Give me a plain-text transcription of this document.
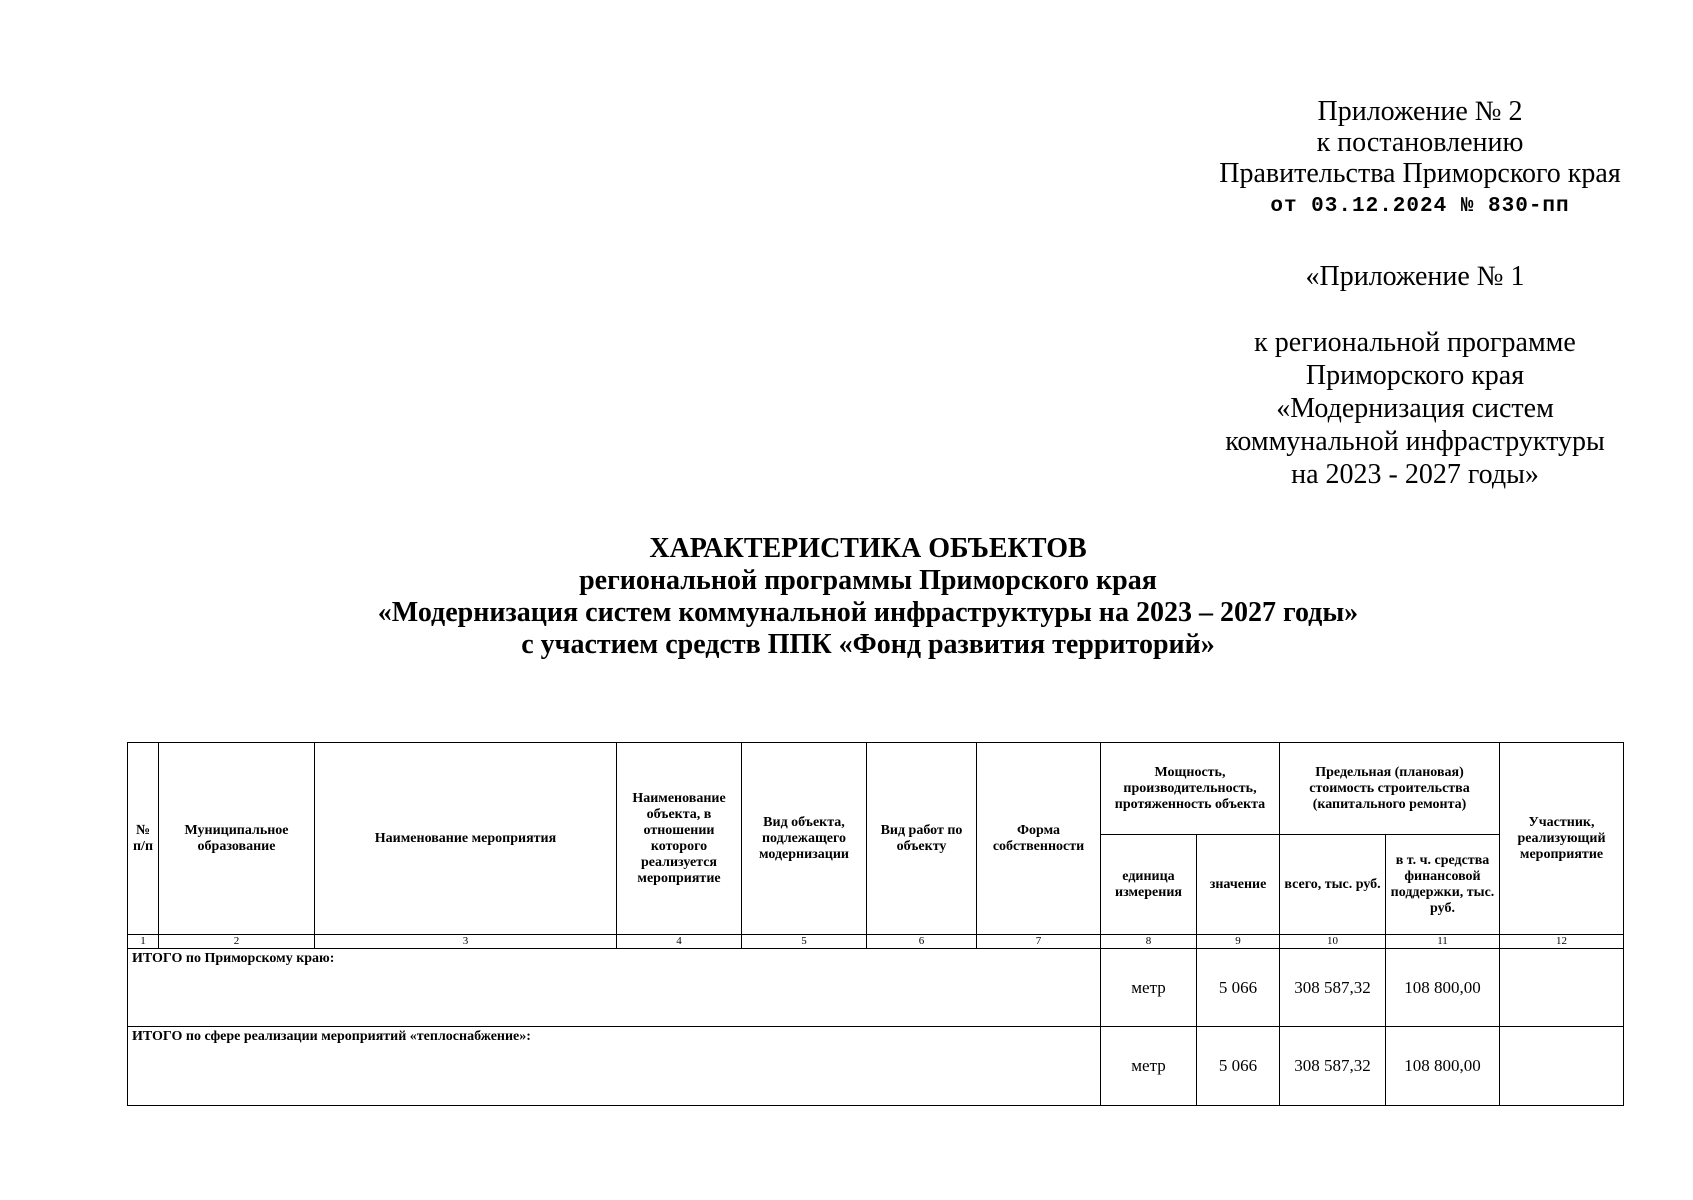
Приложение № 2
к постановлению
Правительства Приморского края
от 03.12.2024 № 830-пп
«Приложение № 1
к региональной программе
Приморского края
«Модернизация систем
коммунальной инфраструктуры
на 2023 - 2027 годы»
ХАРАКТЕРИСТИКА ОБЪЕКТОВ
региональной программы Приморского края
«Модернизация систем коммунальной инфраструктуры на 2023 – 2027 годы»
с участием средств ППК «Фонд развития территорий»
№ п/п	Муниципальное образование	Наименование мероприятия	Наименование объекта, в отношении которого реализуется мероприятие	Вид объекта, подлежащего модернизации	Вид работ по объекту	Форма собственности	Мощность, производительность, протяженность объекта		Предельная (плановая) стоимость строительства (капитального ремонта)		Участник, реализующий мероприятие
							единица измерения	значение	всего, тыс. руб.	в т. ч. средства финансовой поддержки, тыс. руб.	
1	2	3	4	5	6	7	8	9	10	11	12
ИТОГО по Приморскому краю:							метр	5 066	308 587,32	108 800,00	
ИТОГО по сфере реализации мероприятий «теплоснабжение»:							метр	5 066	308 587,32	108 800,00	
